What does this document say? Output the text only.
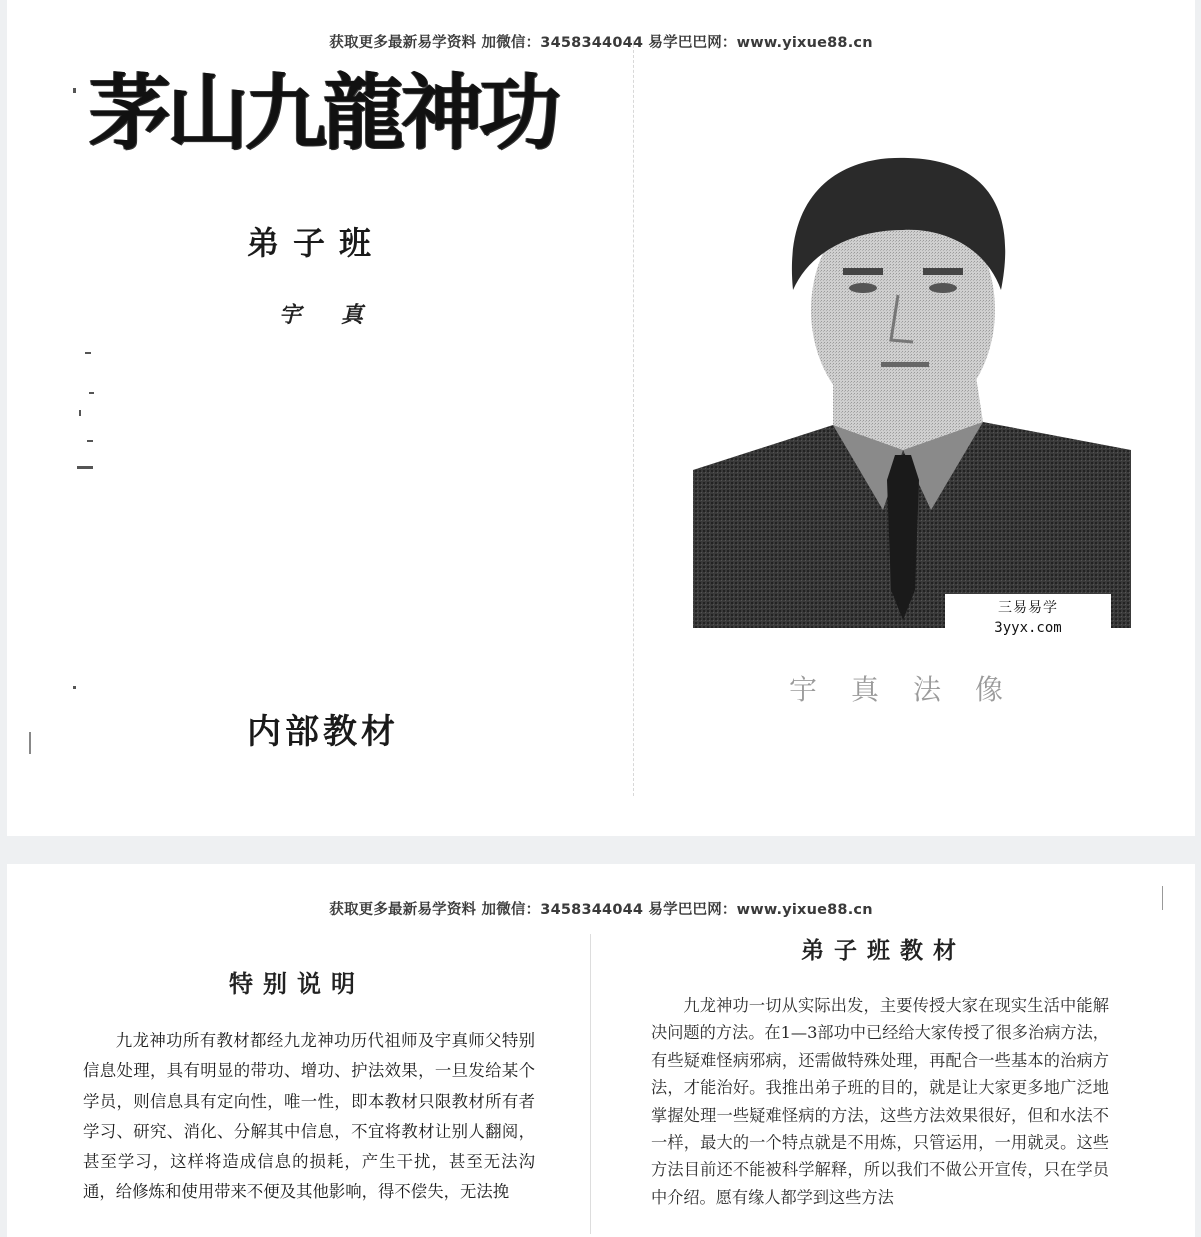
获取更多最新易学资料 加微信：3458344044 易学巴巴网：www.yixue88.cn
茅山九龍神功
弟子班
宇真
内部教材
三易易学
3yyx.com
宇真法像
获取更多最新易学资料 加微信：3458344044 易学巴巴网：www.yixue88.cn
特别说明

九龙神功所有教材都经九龙神功历代祖师及宇真师父特别信息处理，具有明显的带功、增功、护法效果，一旦发给某个学员，则信息具有定向性，唯一性，即本教材只限教材所有者学习、研究、消化、分解其中信息，不宜将教材让别人翻阅，甚至学习，这样将造成信息的损耗，产生干扰，甚至无法沟通，给修炼和使用带来不便及其他影响，得不偿失，无法挽

弟子班教材

九龙神功一切从实际出发，主要传授大家在现实生活中能解决问题的方法。在1—3部功中已经给大家传授了很多治病方法，有些疑难怪病邪病，还需做特殊处理，再配合一些基本的治病方法，才能治好。我推出弟子班的目的，就是让大家更多地广泛地掌握处理一些疑难怪病的方法，这些方法效果很好，但和水法不一样，最大的一个特点就是不用炼，只管运用，一用就灵。这些方法目前还不能被科学解释，所以我们不做公开宣传，只在学员中介绍。愿有缘人都学到这些方法
